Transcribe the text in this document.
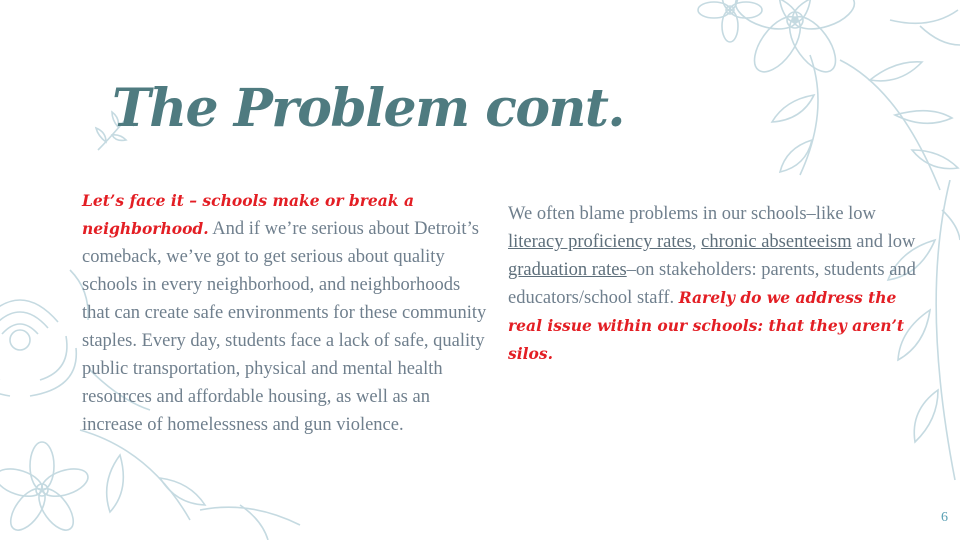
The Problem cont.
Let’s face it – schools make or break a neighborhood. And if we’re serious about Detroit’s comeback, we’ve got to get serious about quality schools in every neighborhood, and neighborhoods that can create safe environments for these community staples. Every day, students face a lack of safe, quality public transportation, physical and mental health resources and affordable housing, as well as an increase of homelessness and gun violence.
We often blame problems in our schools–like low literacy proficiency rates, chronic absenteeism and low graduation rates–on stakeholders: parents, students and educators/school staff. Rarely do we address the real issue within our schools: that they aren’t silos.
6
